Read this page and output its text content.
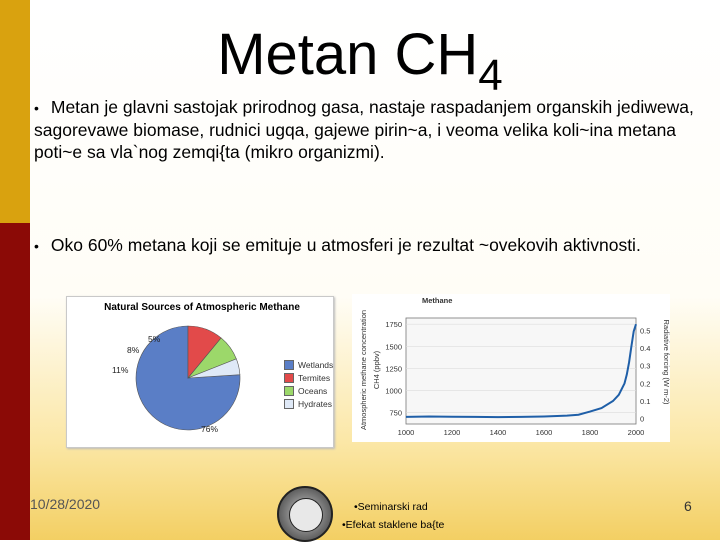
Metan $CH_4$
• Metan je glavni sastojak prirodnog gasa, nastaje raspadanjem organskih jediwewa, sagorevawe biomase, rudnici ugqa, gajewe pirin~a, i veoma velika koli~ina metana poti~e sa vla`nog zemqi{ta (mikro organizmi).
• Oko 60% metana koji se emituje u atmosferi je rezultat ~ovekovih aktivnosti.
Natural Sources of Atmospheric Methane
Wetlands
Termites
Oceans
Hydrates
5%
8%
11%
76%
Methane
Atmospheric methane concentration CH4 (ppbv)	Radiative forcing (W m-2)
750
1000
1250
1500
1750
1000	1200	1400	1600	1800	2000
0
0.1
0.2
0.3
0.4
0.5
10/28/2020	•Seminarski rad
•Efekat staklene ba{te
6
